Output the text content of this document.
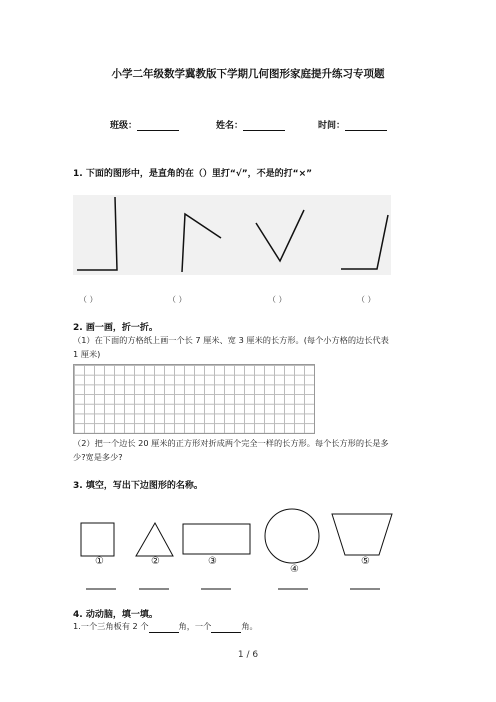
小学二年级数学冀教版下学期几何图形家庭提升练习专项题
班级：	姓名：	时间：
1. 下面的图形中，是直角的在（）里打“√”，不是的打“×”
（ ）	（ ）	（ ）	（ ）
2. 画一画，折一折。
（1）在下面的方格纸上画一个长 7 厘米、宽 3 厘米的长方形。(每个小方格的边长代表 1 厘米)
（2）把一个边长 20 厘米的正方形对折成两个完全一样的长方形。每个长方形的长是多少?宽是多少?
3. 填空，写出下边图形的名称。
①	②	③
④
⑤
4. 动动脑，填一填。
1.一个三角板有 2 个	角，一个	角。
1 / 6
